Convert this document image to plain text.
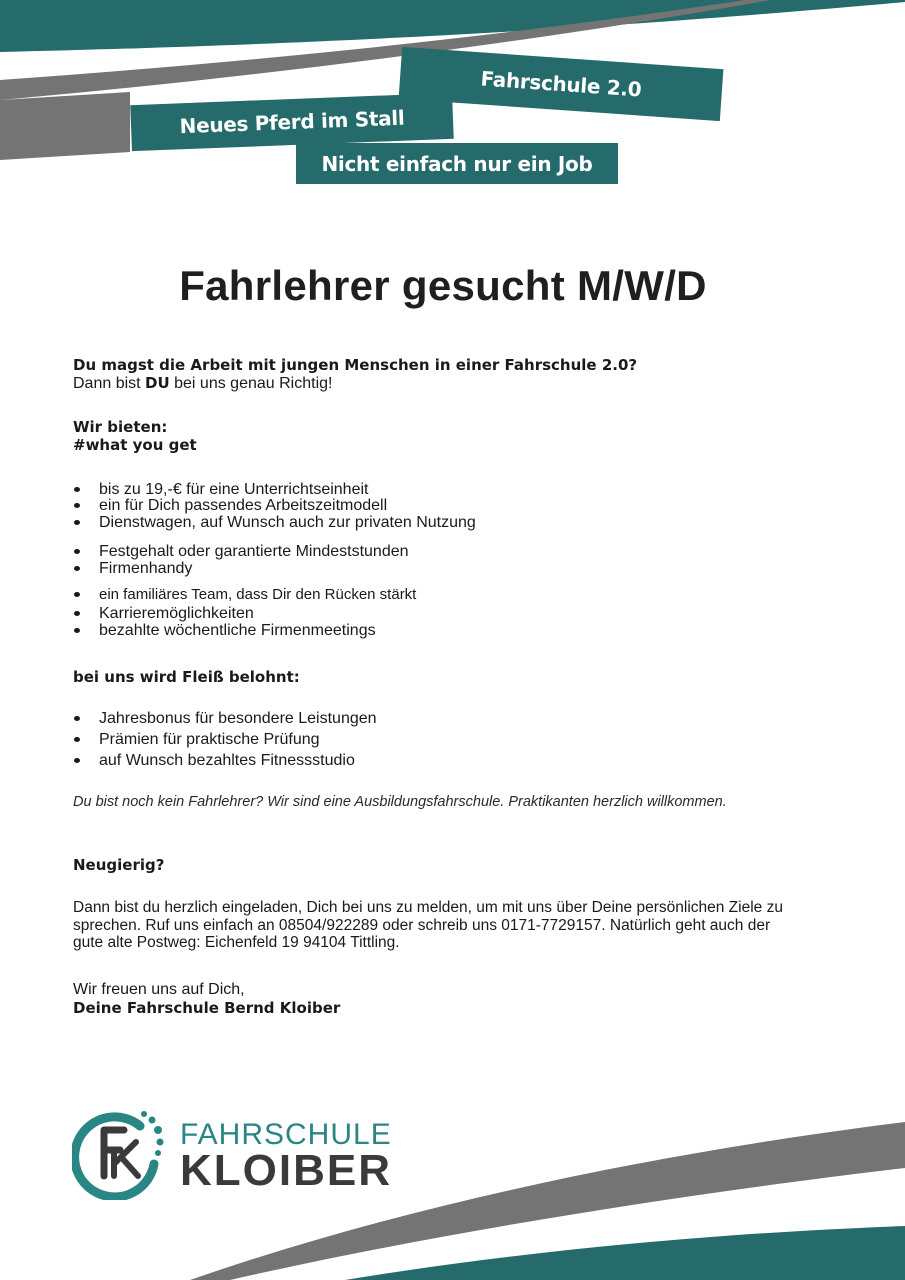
Fahrschule 2.0
Neues Pferd im Stall
Nicht einfach nur ein Job
Fahrlehrer gesucht M/W/D
Du magst die Arbeit mit jungen Menschen in einer Fahrschule 2.0?
Dann bist DU bei uns genau Richtig!
Wir bieten:
#what you get
bis zu 19,-€ für eine Unterrichtseinheit
ein für Dich passendes Arbeitszeitmodell
Dienstwagen, auf Wunsch auch zur privaten Nutzung
Festgehalt oder garantierte Mindeststunden
Firmenhandy
ein familiäres Team, dass Dir den Rücken stärkt
Karrieremöglichkeiten
bezahlte wöchentliche Firmenmeetings
bei uns wird Fleiß belohnt:
Jahresbonus für besondere Leistungen
Prämien für praktische Prüfung
auf Wunsch bezahltes Fitnessstudio
Du bist noch kein Fahrlehrer? Wir sind eine Ausbildungsfahrschule. Praktikanten herzlich willkommen.
Neugierig?
Dann bist du herzlich eingeladen, Dich bei uns zu melden, um mit uns über Deine persönlichen Ziele zu
sprechen. Ruf uns einfach an 08504/922289 oder schreib uns 0171-7729157. Natürlich geht auch der
gute alte Postweg: Eichenfeld 19 94104 Tittling.
Wir freuen uns auf Dich,
Deine Fahrschule Bernd Kloiber
FAHRSCHULE
KLOIBER
